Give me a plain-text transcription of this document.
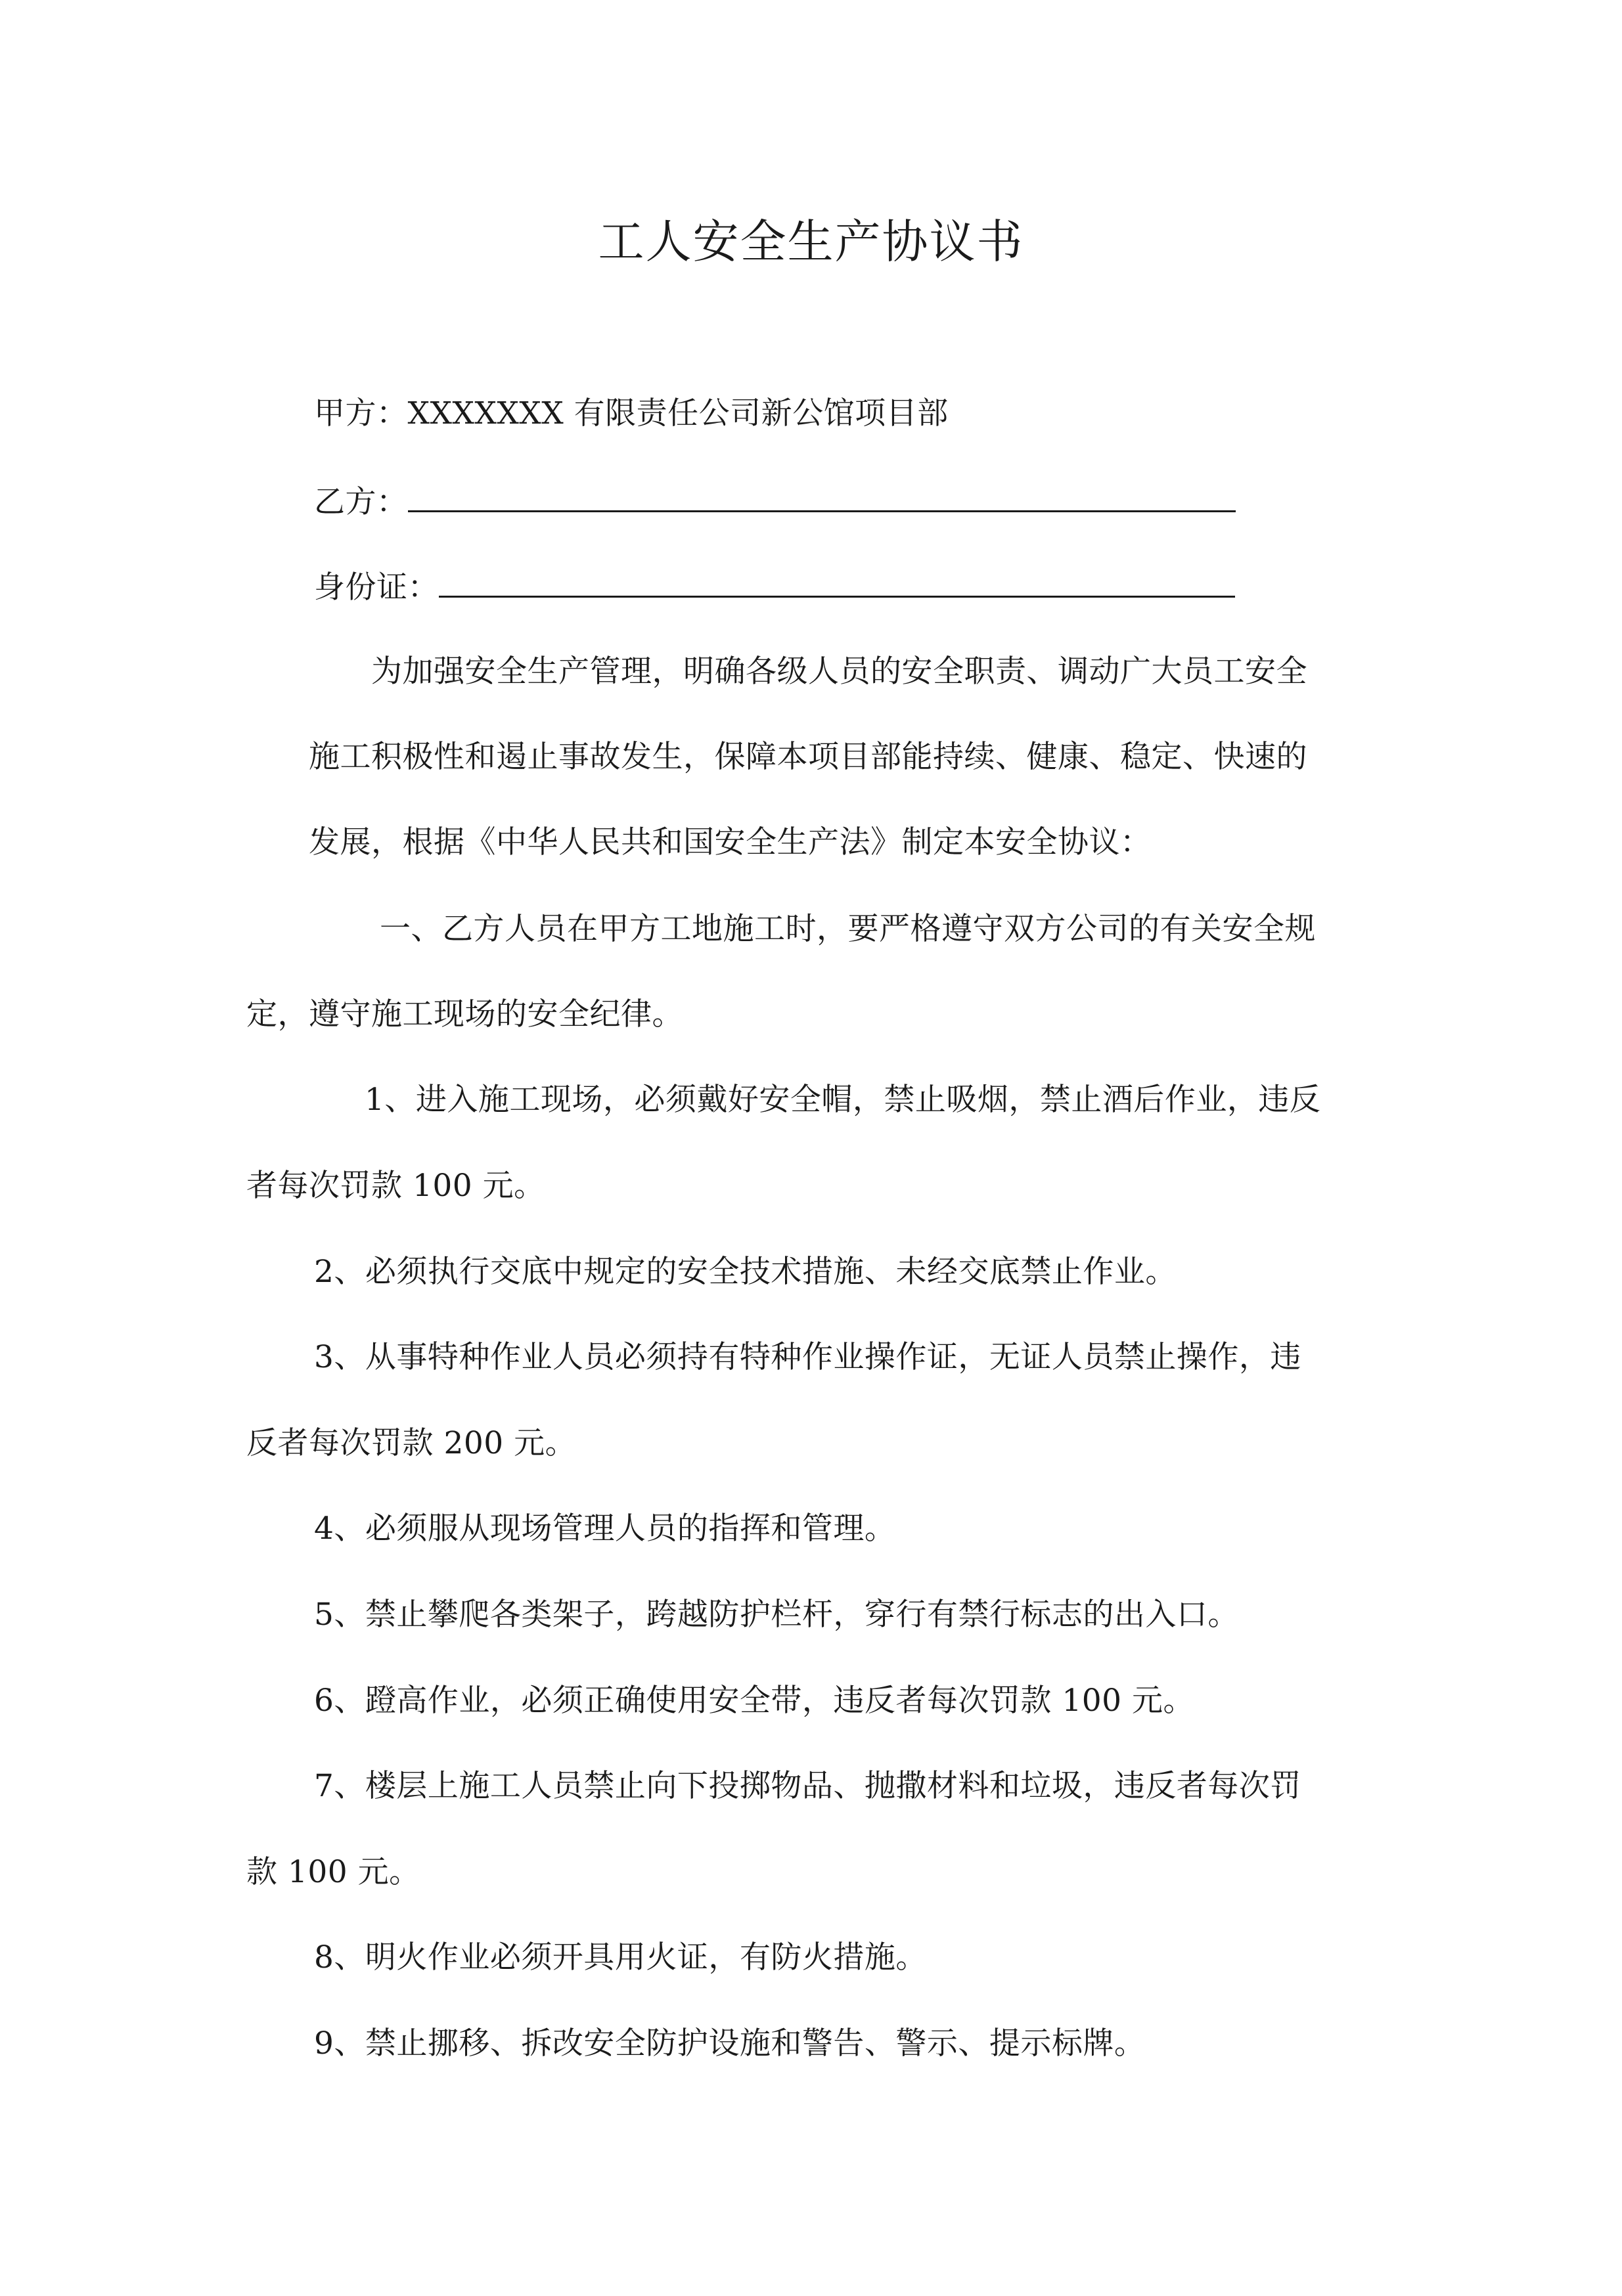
工人安全生产协议书
甲方：XXXXXXX 有限责任公司新公馆项目部
乙方：
身份证：
为加强安全生产管理，明确各级人员的安全职责、调动广大员工安全
施工积极性和遏止事故发生，保障本项目部能持续、健康、稳定、快速的
发展，根据《中华人民共和国安全生产法》制定本安全协议：
一、乙方人员在甲方工地施工时，要严格遵守双方公司的有关安全规
定，遵守施工现场的安全纪律。
1、进入施工现场，必须戴好安全帽，禁止吸烟，禁止酒后作业，违反
者每次罚款 100 元。
2、必须执行交底中规定的安全技术措施、未经交底禁止作业。
3、从事特种作业人员必须持有特种作业操作证，无证人员禁止操作，违
反者每次罚款 200 元。
4、必须服从现场管理人员的指挥和管理。
5、禁止攀爬各类架子，跨越防护栏杆，穿行有禁行标志的出入口。
6、蹬高作业，必须正确使用安全带，违反者每次罚款 100 元。
7、楼层上施工人员禁止向下投掷物品、抛撒材料和垃圾，违反者每次罚
款 100 元。
8、明火作业必须开具用火证，有防火措施。
9、禁止挪移、拆改安全防护设施和警告、警示、提示标牌。
